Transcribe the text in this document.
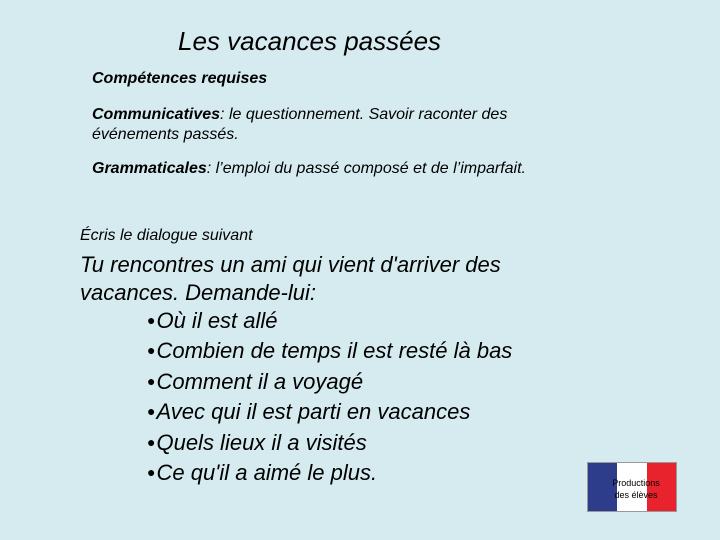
Les vacances passées
Compétences requises
Communicatives: le questionnement. Savoir raconter des événements passés.
Grammaticales: l’emploi du passé composé et de l’imparfait.
Écris le dialogue suivant
Tu rencontres un ami qui vient d'arriver des vacances. Demande-lui:
●Où il est allé
●Combien de temps il est resté là bas
●Comment il a voyagé
●Avec qui il est parti en vacances
●Quels lieux il a visités
●Ce qu'il a aimé le plus.	Productions
des élèves
